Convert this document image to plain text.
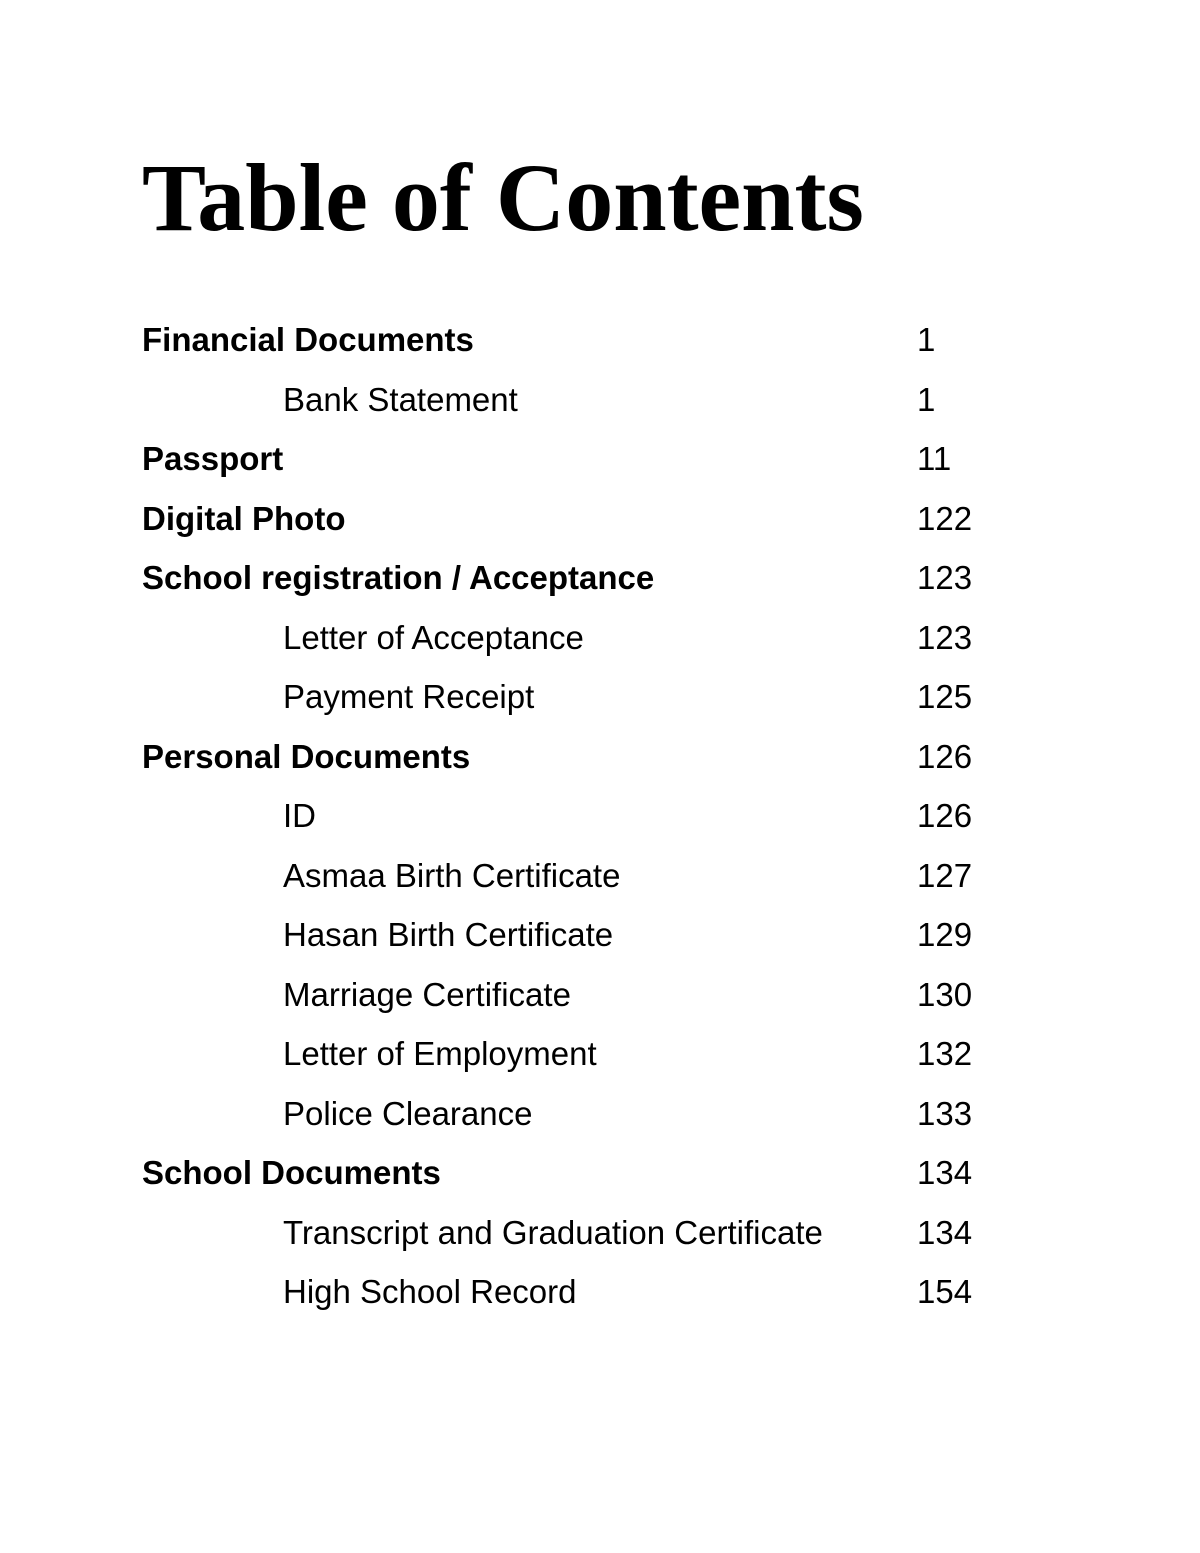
Table of Contents
Financial Documents	1
Bank Statement	1
Passport	11
Digital Photo	122
School registration / Acceptance	123
Letter of Acceptance	123
Payment Receipt	125
Personal Documents	126
ID	126
Asmaa Birth Certificate	127
Hasan Birth Certificate	129
Marriage Certificate	130
Letter of Employment	132
Police Clearance	133
School Documents	134
Transcript and Graduation Certificate	134
High School Record	154
